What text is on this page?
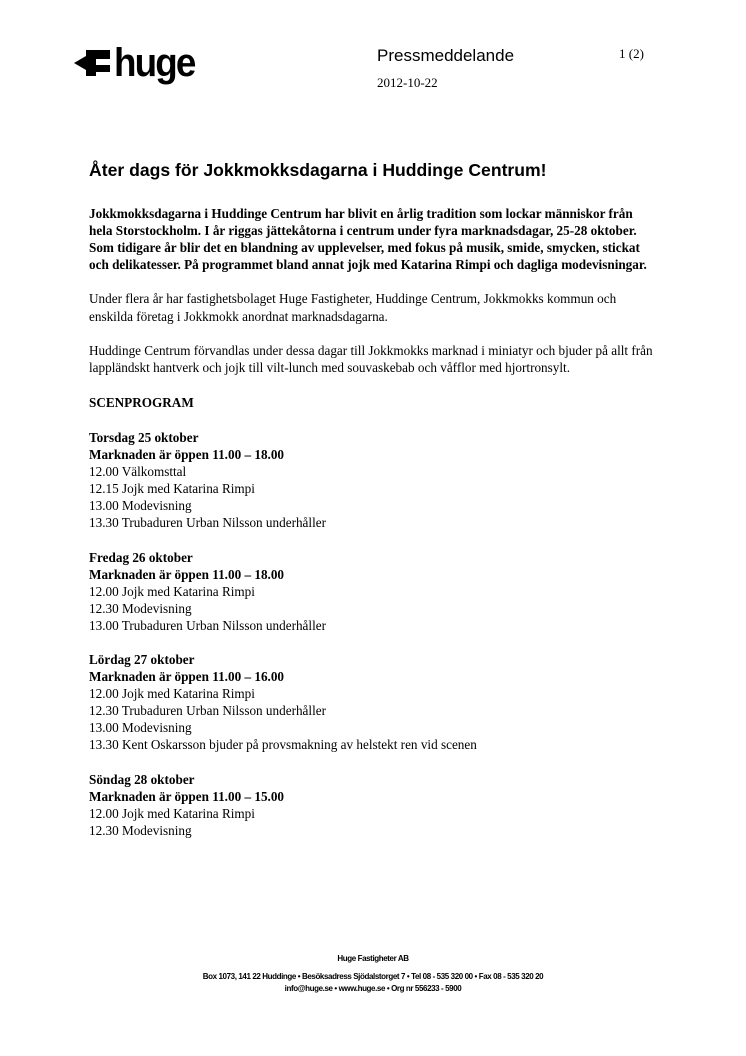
huge	Pressmeddelande
2012-10-22
1 (2)
Åter dags för Jokkmokksdagarna i Huddinge Centrum!

Jokkmokksdagarna i Huddinge Centrum har blivit en årlig tradition som lockar människor från hela Storstockholm. I år riggas jättekåtorna i centrum under fyra marknadsdagar, 25-28 oktober. Som tidigare år blir det en blandning av upplevelser, med fokus på musik, smide, smycken, stickat och delikatesser. På programmet bland annat jojk med Katarina Rimpi och dagliga modevisningar.

Under flera år har fastighetsbolaget Huge Fastigheter, Huddinge Centrum, Jokkmokks kommun och enskilda företag i Jokkmokk anordnat marknadsdagarna.

Huddinge Centrum förvandlas under dessa dagar till Jokkmokks marknad i miniatyr och bjuder på allt från lappländskt hantverk och jojk till vilt-lunch med souvaskebab och våfflor med hjortronsylt.

SCENPROGRAM
Torsdag 25 oktober
Marknaden är öppen 11.00 – 18.00
12.00 Välkomsttal
12.15 Jojk med Katarina Rimpi
13.00 Modevisning
13.30 Trubaduren Urban Nilsson underhåller
Fredag 26 oktober
Marknaden är öppen 11.00 – 18.00
12.00 Jojk med Katarina Rimpi
12.30 Modevisning
13.00 Trubaduren Urban Nilsson underhåller
Lördag 27 oktober
Marknaden är öppen 11.00 – 16.00
12.00 Jojk med Katarina Rimpi
12.30 Trubaduren Urban Nilsson underhåller
13.00 Modevisning
13.30 Kent Oskarsson bjuder på provsmakning av helstekt ren vid scenen
Söndag 28 oktober
Marknaden är öppen 11.00 – 15.00
12.00 Jojk med Katarina Rimpi
12.30 Modevisning
Huge Fastigheter AB
Box 1073, 141 22 Huddinge • Besöksadress Sjödalstorget 7 • Tel 08 - 535 320 00 • Fax 08 - 535 320 20
info@huge.se • www.huge.se • Org nr 556233 - 5900
